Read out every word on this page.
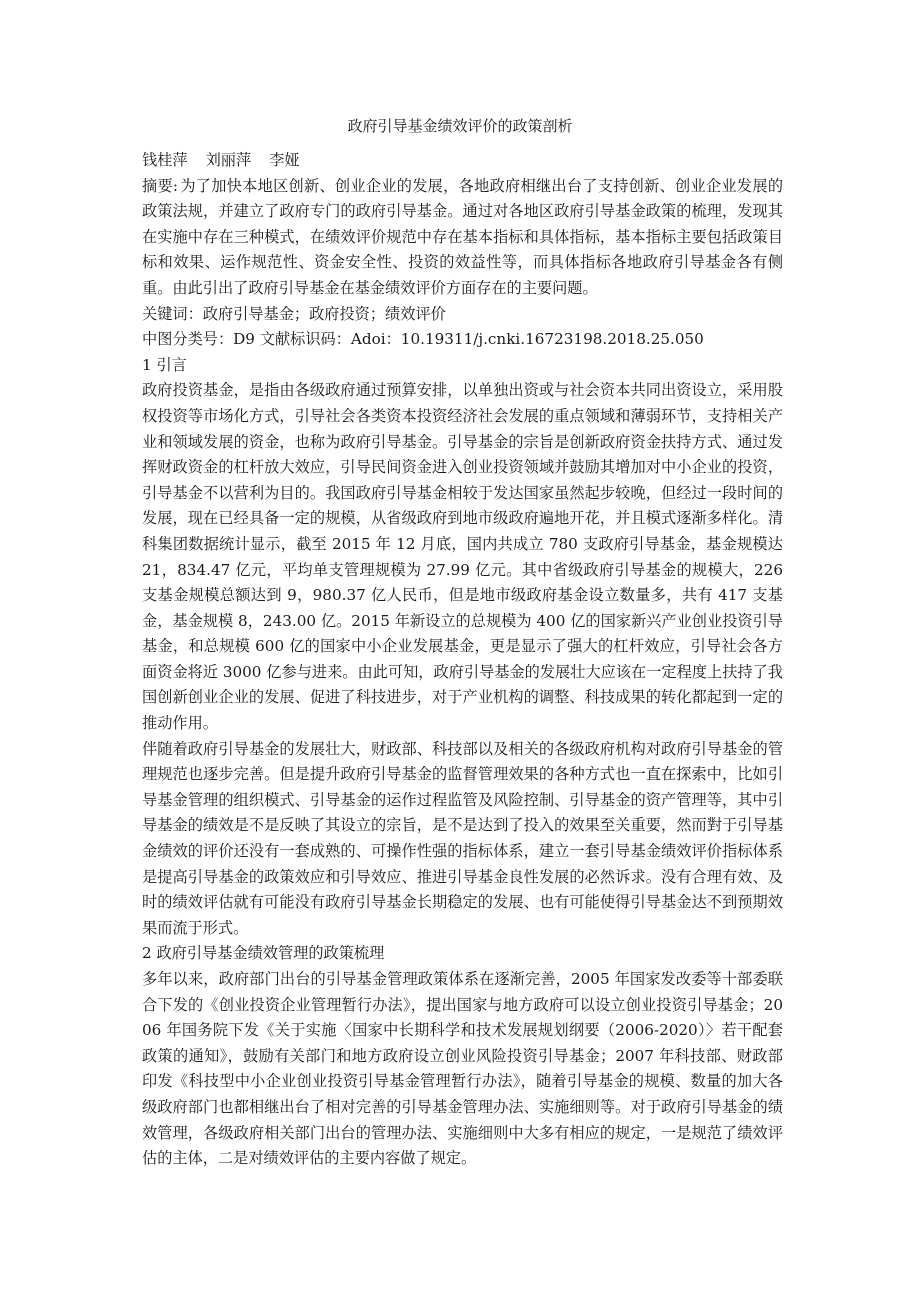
政府引导基金绩效评价的政策剖析

钱桂萍 刘丽萍 李娅

摘要: 为了加快本地区创新、创业企业的发展，各地政府相继出台了支持创新、创业企业发展的政策法规，并建立了政府专门的政府引导基金。通过对各地区政府引导基金政策的梳理，发现其在实施中存在三种模式，在绩效评价规范中存在基本指标和具体指标，基本指标主要包括政策目标和效果、运作规范性、资金安全性、投资的效益性等，而具体指标各地政府引导基金各有侧重。由此引出了政府引导基金在基金绩效评价方面存在的主要问题。

关键词：政府引导基金；政府投资；绩效评价

中图分类号：D9 文献标识码：Adoi：10.19311/j.cnki.16723198.2018.25.050

1 引言

政府投资基金，是指由各级政府通过预算安排，以单独出资或与社会资本共同出资设立，采用股权投资等市场化方式，引导社会各类资本投资经济社会发展的重点领域和薄弱环节，支持相关产业和领域发展的资金，也称为政府引导基金。引导基金的宗旨是创新政府资金扶持方式、通过发挥财政资金的杠杆放大效应，引导民间资金进入创业投资领域并鼓励其增加对中小企业的投资，引导基金不以营利为目的。我国政府引导基金相较于发达国家虽然起步较晚，但经过一段时间的发展，现在已经具备一定的规模，从省级政府到地市级政府遍地开花，并且模式逐渐多样化。清科集团数据统计显示，截至 2015 年 12 月底，国内共成立 780 支政府引导基金，基金规模达 21，834.47 亿元，平均单支管理规模为 27.99 亿元。其中省级政府引导基金的规模大，226 支基金规模总额达到 9，980.37 亿人民币，但是地市级政府基金设立数量多，共有 417 支基金，基金规模 8，243.00 亿。2015 年新设立的总规模为 400 亿的国家新兴产业创业投资引导基金，和总规模 600 亿的国家中小企业发展基金，更是显示了强大的杠杆效应，引导社会各方面资金将近 3000 亿参与进来。由此可知，政府引导基金的发展壮大应该在一定程度上扶持了我国创新创业企业的发展、促进了科技进步，对于产业机构的调整、科技成果的转化都起到一定的推动作用。

伴随着政府引导基金的发展壮大，财政部、科技部以及相关的各级政府机构对政府引导基金的管理规范也逐步完善。但是提升政府引导基金的监督管理效果的各种方式也一直在探索中，比如引导基金管理的组织模式、引导基金的运作过程监管及风险控制、引导基金的资产管理等，其中引导基金的绩效是不是反映了其设立的宗旨，是不是达到了投入的效果至关重要，然而對于引导基金绩效的评价还没有一套成熟的、可操作性强的指标体系，建立一套引导基金绩效评价指标体系是提高引导基金的政策效应和引导效应、推进引导基金良性发展的必然诉求。没有合理有效、及时的绩效评估就有可能没有政府引导基金长期稳定的发展、也有可能使得引导基金达不到预期效果而流于形式。

2 政府引导基金绩效管理的政策梳理

多年以来，政府部门出台的引导基金管理政策体系在逐渐完善，2005 年国家发改委等十部委联合下发的《创业投资企业管理暂行办法》，提出国家与地方政府可以设立创业投资引导基金；2006 年国务院下发《关于实施〈国家中长期科学和技术发展规划纲要（2006-2020）〉若干配套政策的通知》，鼓励有关部门和地方政府设立创业风险投资引导基金；2007 年科技部、财政部印发《科技型中小企业创业投资引导基金管理暂行办法》，随着引导基金的规模、数量的加大各级政府部门也都相继出台了相对完善的引导基金管理办法、实施细则等。对于政府引导基金的绩效管理，各级政府相关部门出台的管理办法、实施细则中大多有相应的规定，一是规范了绩效评估的主体，二是对绩效评估的主要内容做了规定。
